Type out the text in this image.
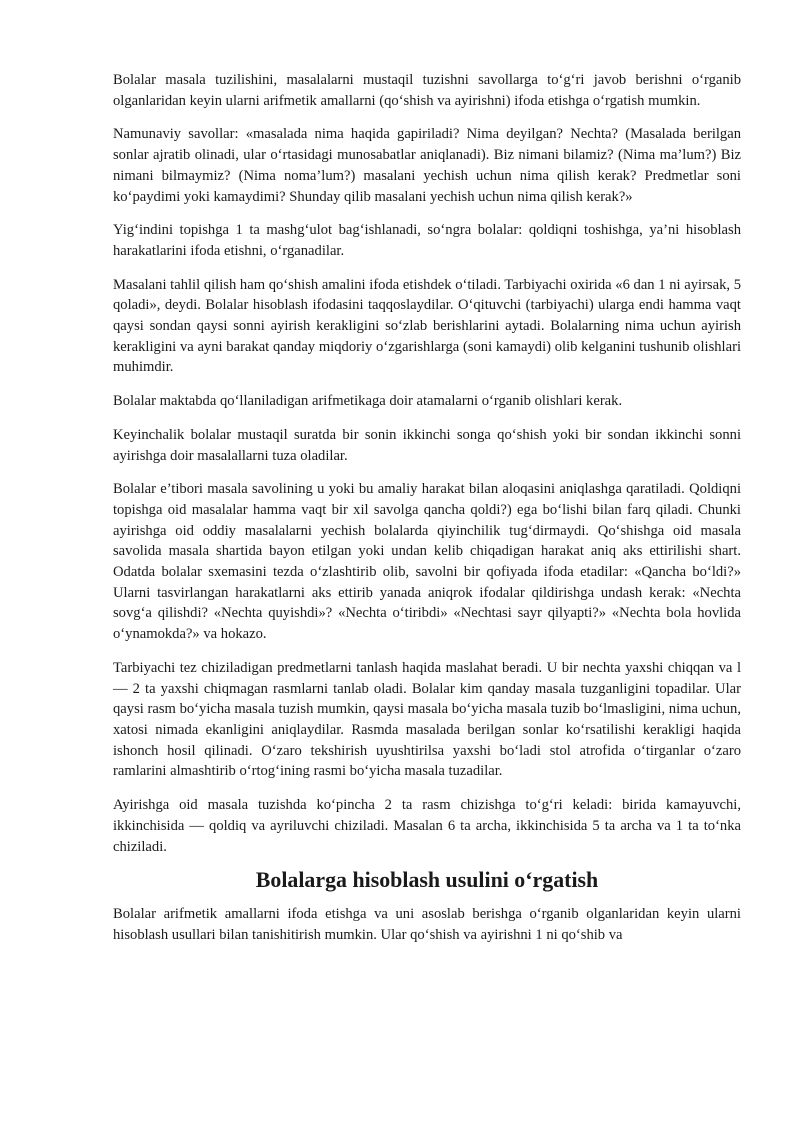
Bolalar masala tuzilishini, masalalarni mustaqil tuzishni savollarga to‘g‘ri javob berishni o‘rganib olganlaridan keyin ularni arifmetik amallarni (qo‘shish va ayirishni) ifoda etishga o‘rgatish mumkin.

Namunaviy savollar: «masalada nima haqida gapiriladi? Nima deyilgan? Nechta? (Masalada berilgan sonlar ajratib olinadi, ular o‘rtasidagi munosabatlar aniqlanadi). Biz nimani bilamiz? (Nima ma’lum?) Biz nimani bilmaymiz? (Nima noma’lum?) masalani yechish uchun nima qilish kerak? Predmetlar soni ko‘paydimi yoki kamaydimi? Shunday qilib masalani yechish uchun nima qilish kerak?»

Yig‘indini topishga 1 ta mashg‘ulot bag‘ishlanadi, so‘ngra bolalar: qoldiqni toshishga, ya’ni hisoblash harakatlarini ifoda etishni, o‘rganadilar.

Masalani tahlil qilish ham qo‘shish amalini ifoda etishdek o‘tiladi. Tarbiyachi oxirida «6 dan 1 ni ayirsak, 5 qoladi», deydi. Bolalar hisoblash ifodasini taqqoslaydilar. O‘qituvchi (tarbiyachi) ularga endi hamma vaqt qaysi sondan qaysi sonni ayirish kerakligini so‘zlab berishlarini aytadi. Bolalarning nima uchun ayirish kerakligini va ayni barakat qanday miqdoriy o‘zgarishlarga (soni kamaydi) olib kelganini tushunib olishlari muhimdir.

Bolalar maktabda qo‘llaniladigan arifmetikaga doir atamalarni o‘rganib olishlari kerak.

Keyinchalik bolalar mustaqil suratda bir sonin ikkinchi songa qo‘shish yoki bir sondan ikkinchi sonni ayirishga doir masalallarni tuza oladilar.

Bolalar e’tibori masala savolining u yoki bu amaliy harakat bilan aloqasini aniqlashga qaratiladi. Qoldiqni topishga oid masalalar hamma vaqt bir xil savolga qancha qoldi?) ega bo‘lishi bilan farq qiladi. Chunki ayirishga oid oddiy masalalarni yechish bolalarda qiyinchilik tug‘dirmaydi. Qo‘shishga oid masala savolida masala shartida bayon etilgan yoki undan kelib chiqadigan harakat aniq aks ettirilishi shart. Odatda bolalar sxemasini tezda o‘zlashtirib olib, savolni bir qofiyada ifoda etadilar: «Qancha bo‘ldi?» Ularni tasvirlangan harakatlarni aks ettirib yanada aniqrok ifodalar qildirishga undash kerak: «Nechta sovg‘a qilishdi? «Nechta quyishdi»? «Nechta o‘tiribdi» «Nechtasi sayr qilyapti?» «Nechta bola hovlida o‘ynamokda?» va hokazo.

Tarbiyachi tez chiziladigan predmetlarni tanlash haqida maslahat beradi. U bir nechta yaxshi chiqqan va l — 2 ta yaxshi chiqmagan rasmlarni tanlab oladi. Bolalar kim qanday masala tuzganligini topadilar. Ular qaysi rasm bo‘yicha masala tuzish mumkin, qaysi masala bo‘yicha masala tuzib bo‘lmasligini, nima uchun, xatosi nimada ekanligini aniqlaydilar. Rasmda masalada berilgan sonlar ko‘rsatilishi kerakligi haqida ishonch hosil qilinadi. O‘zaro tekshirish uyushtirilsa yaxshi bo‘ladi stol atrofida o‘tirganlar o‘zaro ramlarini almashtirib o‘rtog‘ining rasmi bo‘yicha masala tuzadilar.

Ayirishga oid masala tuzishda ko‘pincha 2 ta rasm chizishga to‘g‘ri keladi: birida kamayuvchi, ikkinchisida — qoldiq va ayriluvchi chiziladi. Masalan 6 ta archa, ikkinchisida 5 ta archa va 1 ta to‘nka chiziladi.

Bolalarga hisoblash usulini o‘rgatish

Bolalar arifmetik amallarni ifoda etishga va uni asoslab berishga o‘rganib olganlaridan keyin ularni hisoblash usullari bilan tanishitirish mumkin. Ular qo‘shish va ayirishni 1 ni qo‘shib va
